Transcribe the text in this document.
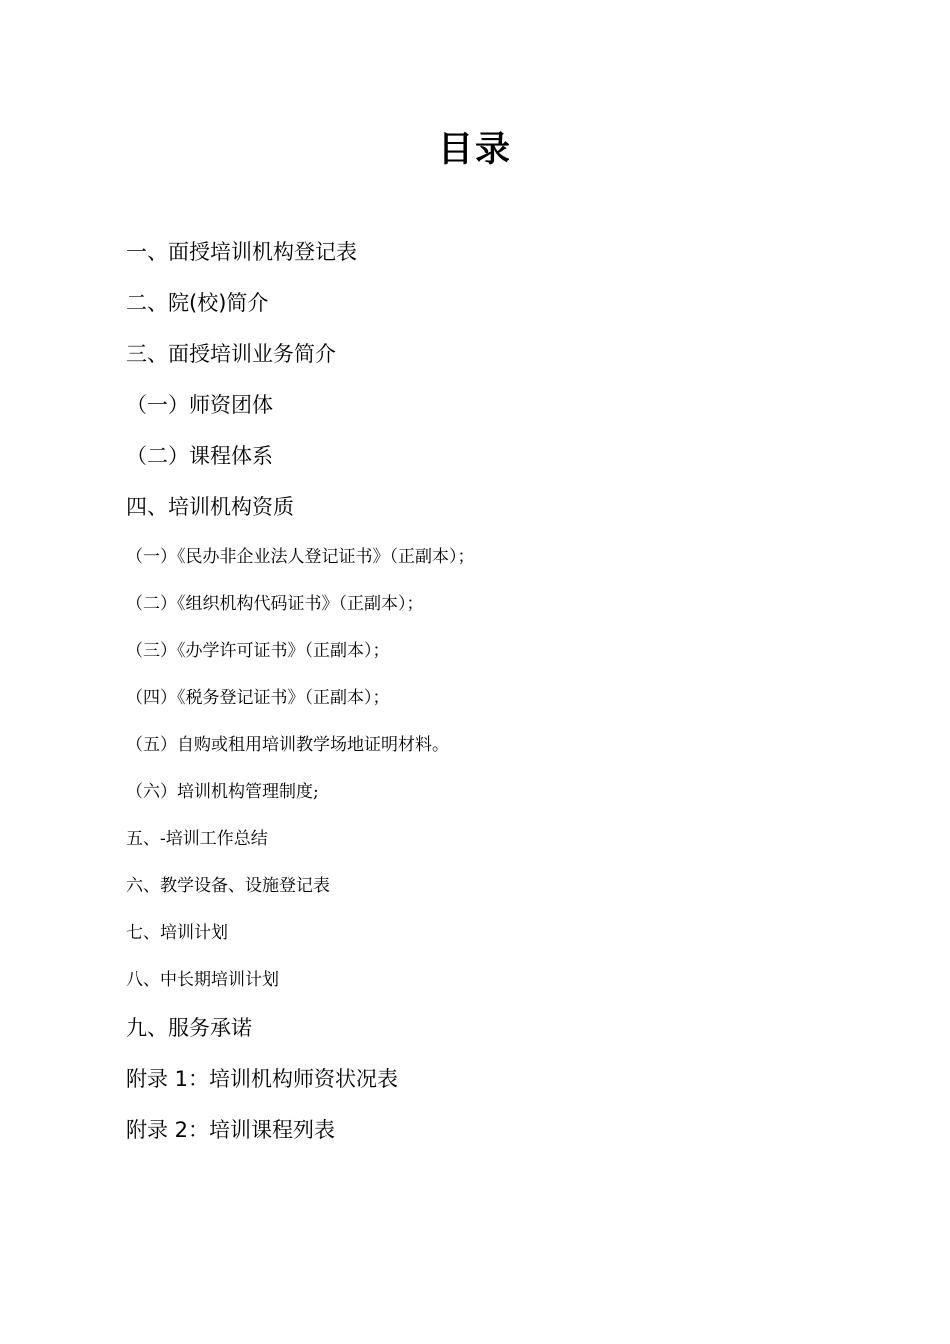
目录

一、面授培训机构登记表

二、院(校)简介

三、面授培训业务简介

（一）师资团体

（二）课程体系

四、培训机构资质

（一）《民办非企业法人登记证书》（正副本）；

（二）《组织机构代码证书》（正副本）；

（三）《办学许可证书》（正副本）；

（四）《税务登记证书》（正副本）；

（五）自购或租用培训教学场地证明材料。

（六）培训机构管理制度;

五、-培训工作总结

六、教学设备、设施登记表

七、培训计划

八、中长期培训计划

九、服务承诺

附录 1：培训机构师资状况表

附录 2：培训课程列表
